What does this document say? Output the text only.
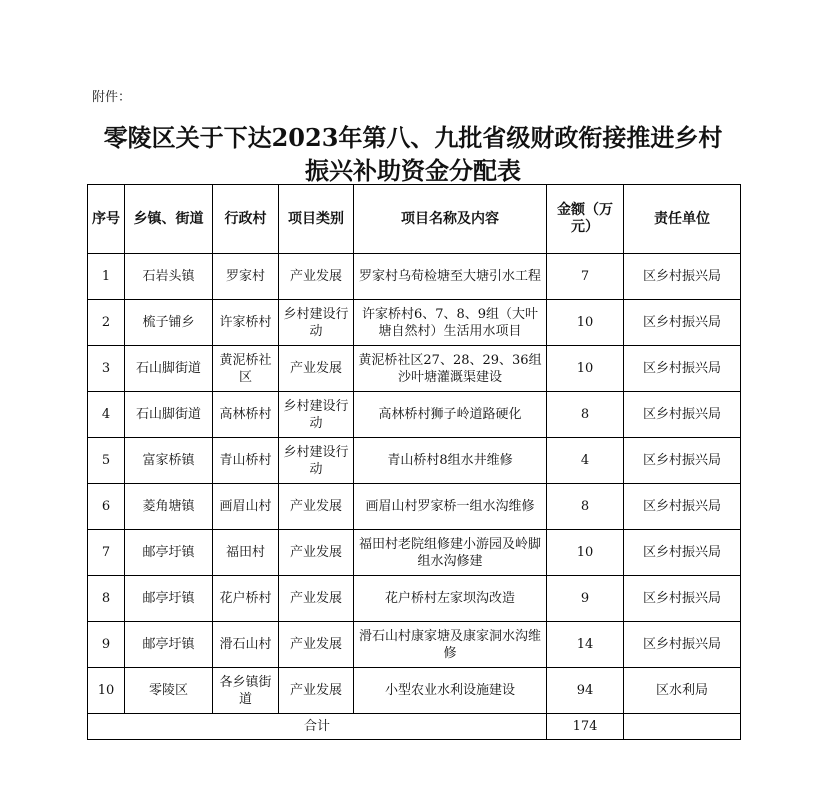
附件：
零陵区关于下达2023年第八、九批省级财政衔接推进乡村
振兴补助资金分配表
序号	乡镇、街道	行政村	项目类别	项目名称及内容	金额（万元）	责任单位
1	石岩头镇	罗家村	产业发展	罗家村乌荀检塘至大塘引水工程	7	区乡村振兴局
2	梳子铺乡	许家桥村	乡村建设行动	许家桥村6、7、8、9组（大叶塘自然村）生活用水项目	10	区乡村振兴局
3	石山脚街道	黄泥桥社区	产业发展	黄泥桥社区27、28、29、36组沙叶塘灌溉渠建设	10	区乡村振兴局
4	石山脚街道	高林桥村	乡村建设行动	高林桥村狮子岭道路硬化	8	区乡村振兴局
5	富家桥镇	青山桥村	乡村建设行动	青山桥村8组水井维修	4	区乡村振兴局
6	菱角塘镇	画眉山村	产业发展	画眉山村罗家桥一组水沟维修	8	区乡村振兴局
7	邮亭圩镇	福田村	产业发展	福田村老院组修建小游园及岭脚组水沟修建	10	区乡村振兴局
8	邮亭圩镇	花户桥村	产业发展	花户桥村左家坝沟改造	9	区乡村振兴局
9	邮亭圩镇	滑石山村	产业发展	滑石山村康家塘及康家洞水沟维修	14	区乡村振兴局
10	零陵区	各乡镇街道	产业发展	小型农业水利设施建设	94	区水利局
合计					174	
